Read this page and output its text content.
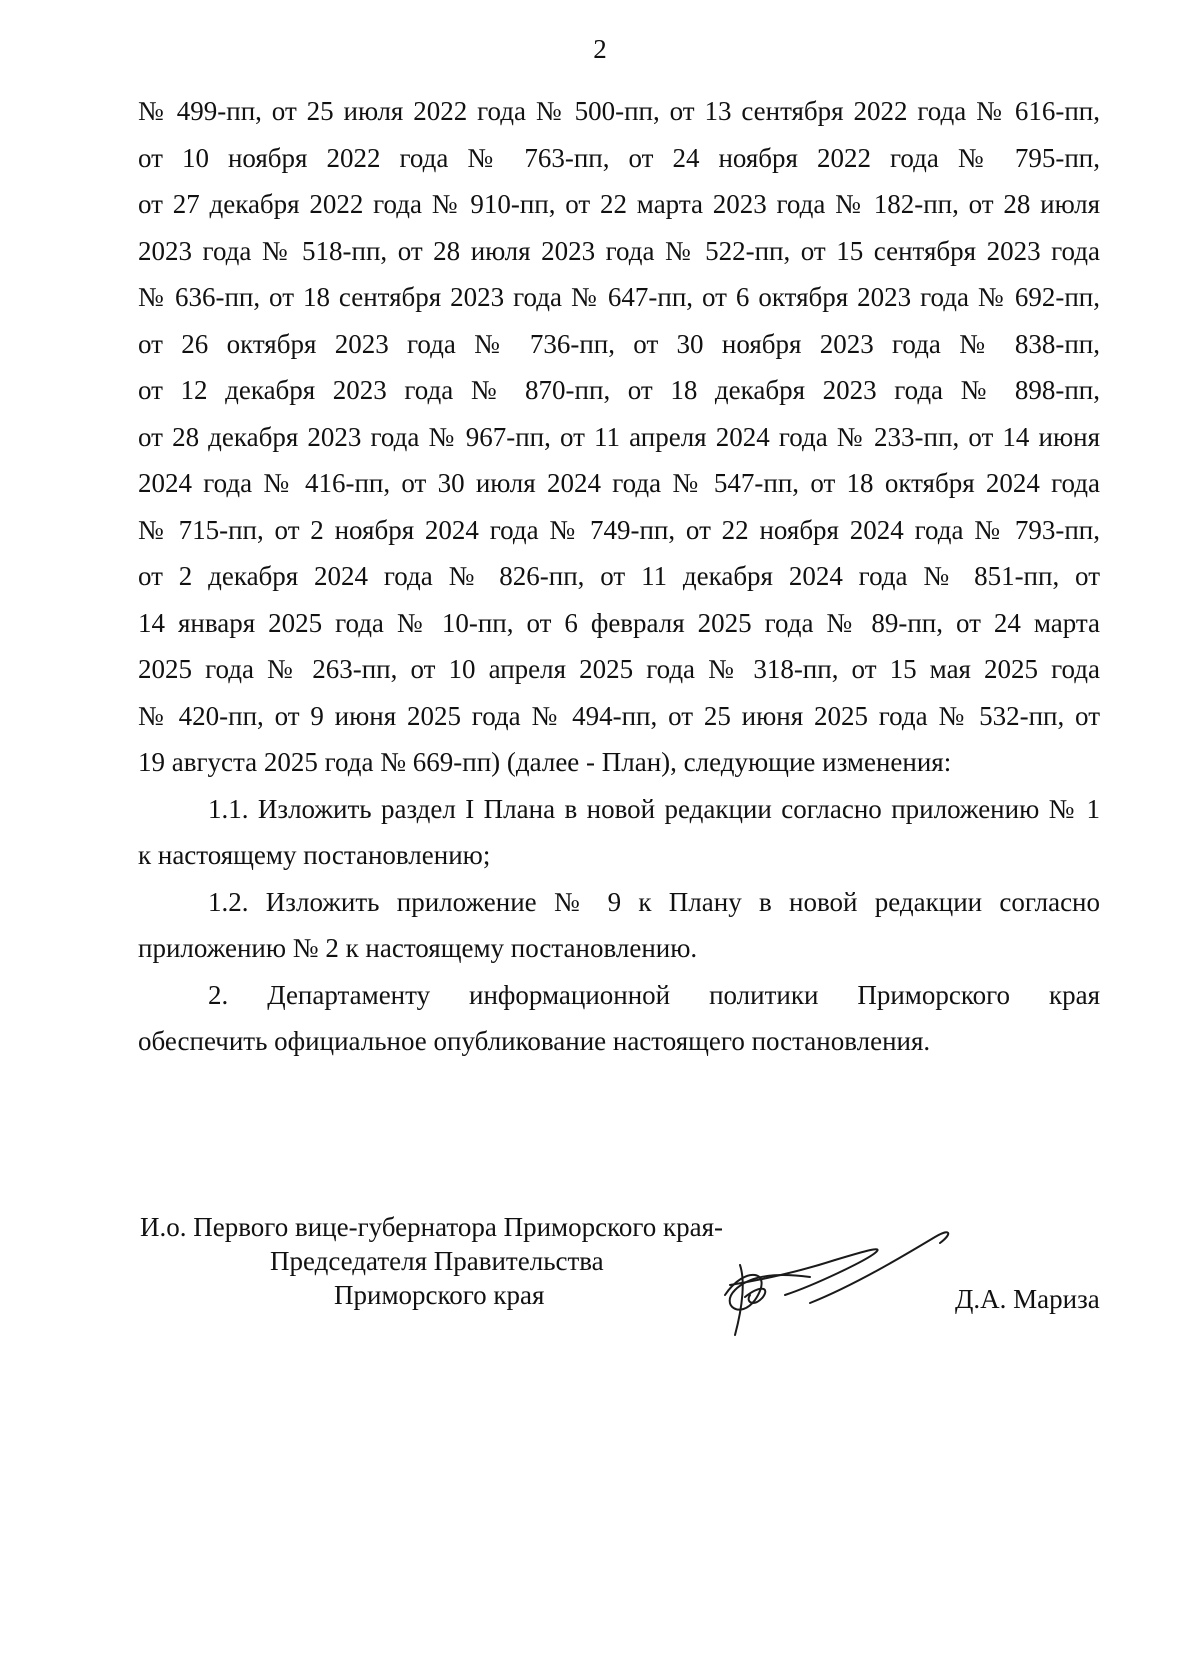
2
№ 499-пп, от 25 июля 2022 года № 500-пп, от 13 сентября 2022 года № 616-пп,
от 10 ноября 2022 года № 763-пп, от 24 ноября 2022 года № 795-пп,
от 27 декабря 2022 года № 910-пп, от 22 марта 2023 года № 182-пп, от 28 июля
2023 года № 518-пп, от 28 июля 2023 года № 522-пп, от 15 сентября 2023 года
№ 636-пп, от 18 сентября 2023 года № 647-пп, от 6 октября 2023 года № 692-пп,
от 26 октября 2023 года № 736-пп, от 30 ноября 2023 года № 838-пп,
от 12 декабря 2023 года № 870-пп, от 18 декабря 2023 года № 898-пп,
от 28 декабря 2023 года № 967-пп, от 11 апреля 2024 года № 233-пп, от 14 июня
2024 года № 416-пп, от 30 июля 2024 года № 547-пп, от 18 октября 2024 года
№ 715-пп, от 2 ноября 2024 года № 749-пп, от 22 ноября 2024 года № 793-пп,
от 2 декабря 2024 года № 826-пп, от 11 декабря 2024 года № 851-пп, от
14 января 2025 года № 10-пп, от 6 февраля 2025 года № 89-пп, от 24 марта
2025 года № 263-пп, от 10 апреля 2025 года № 318-пп, от 15 мая 2025 года
№ 420-пп, от 9 июня 2025 года № 494-пп, от 25 июня 2025 года № 532-пп, от
19 августа 2025 года № 669-пп) (далее - План), следующие изменения:
1.1. Изложить раздел I Плана в новой редакции согласно приложению № 1
к настоящему постановлению;
1.2. Изложить приложение № 9 к Плану в новой редакции согласно
приложению № 2 к настоящему постановлению.
2. Департаменту информационной политики Приморского края
обеспечить официальное опубликование настоящего постановления.
И.о. Первого вице-губернатора Приморского края-
Председателя Правительства
Приморского края	Д.А. Мариза
